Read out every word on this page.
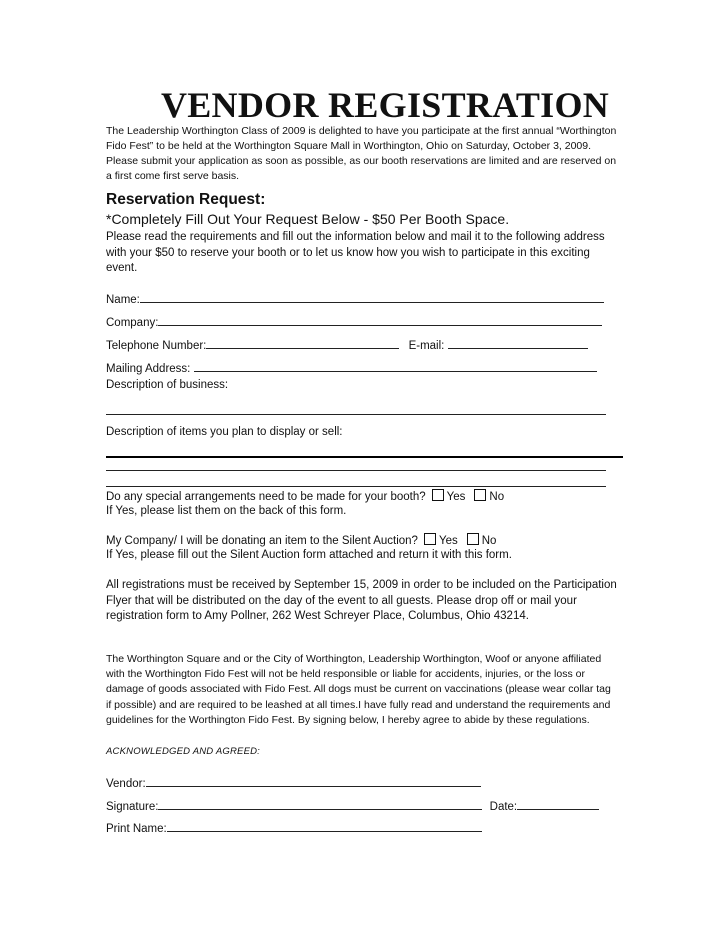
VENDOR REGISTRATION

The Leadership Worthington Class of 2009 is delighted to have you participate at the first annual “Worthington Fido Fest” to be held at the Worthington Square Mall in Worthington, Ohio on Saturday, October 3, 2009. Please submit your application as soon as possible, as our booth reservations are limited and are reserved on a first come first serve basis.

Reservation Request:

*Completely Fill Out Your Request Below - $50 Per Booth Space.

Please read the requirements and fill out the information below and mail it to the following address with your $50 to reserve your booth or to let us know how you wish to participate in this exciting event.

Name:
Company:
Telephone Number:	E-mail:
Mailing Address:
Description of business:
Description of items you plan to display or sell:
Do any special arrangements need to be made for your booth? Yes No
If Yes, please list them on the back of this form.
My Company/ I will be donating an item to the Silent Auction? Yes No
If Yes, please fill out the Silent Auction form attached and return it with this form.

All registrations must be received by September 15, 2009 in order to be included on the Participation Flyer that will be distributed on the day of the event to all guests. Please drop off or mail your registration form to Amy Pollner, 262 West Schreyer Place, Columbus, Ohio 43214.

The Worthington Square and or the City of Worthington, Leadership Worthington, Woof or anyone affiliated with the Worthington Fido Fest will not be held responsible or liable for accidents, injuries, or the loss or damage of goods associated with Fido Fest. All dogs must be current on vaccinations (please wear collar tag if possible) and are required to be leashed at all times.I have fully read and understand the requirements and guidelines for the Worthington Fido Fest. By signing below, I hereby agree to abide by these regulations.

ACKNOWLEDGED AND AGREED:

Vendor:
Signature:	Date:
Print Name:
